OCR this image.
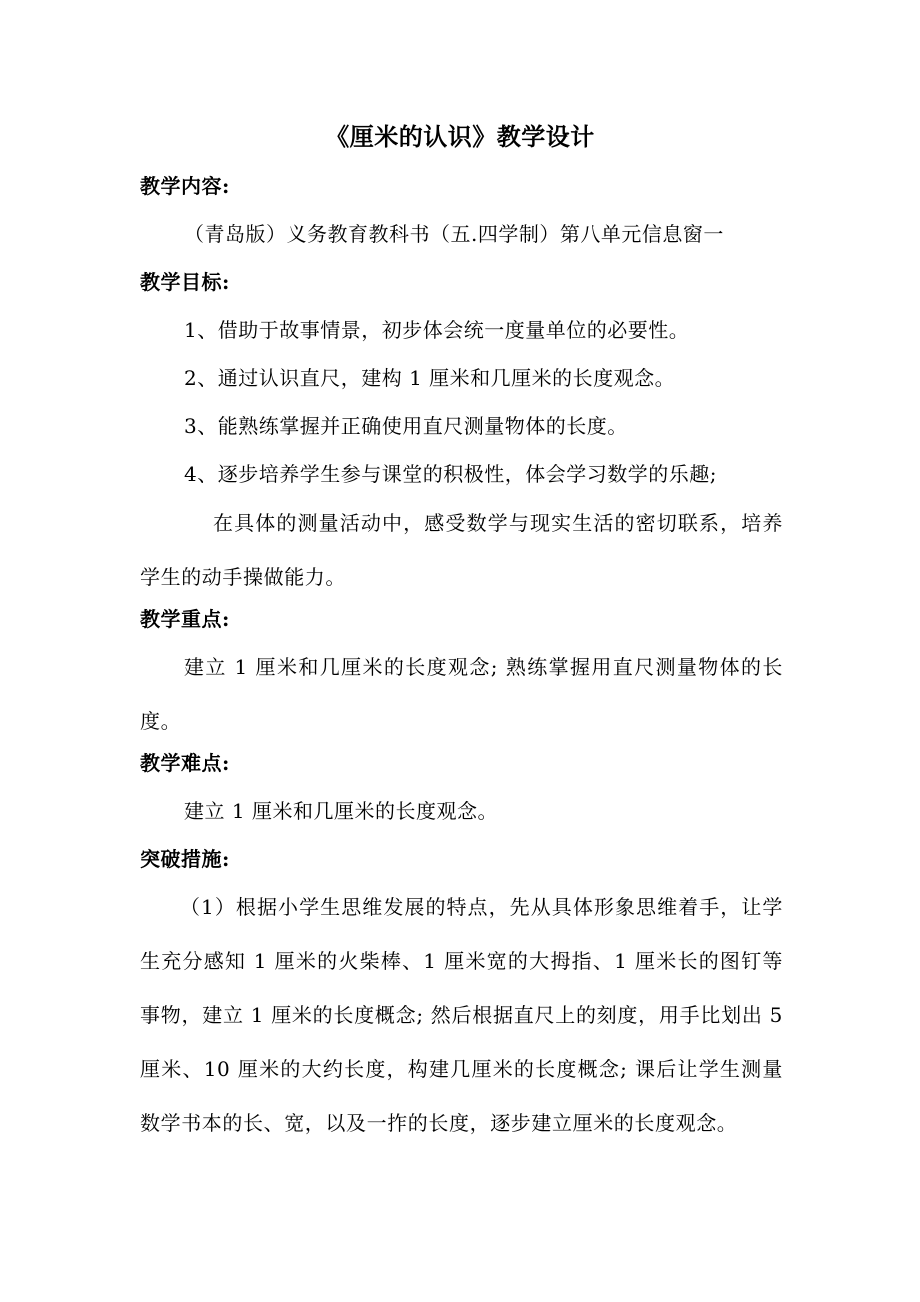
《厘米的认识》教学设计
教学内容:
（青岛版）义务教育教科书（五.四学制）第八单元信息窗一
教学目标:
1、借助于故事情景，初步体会统一度量单位的必要性。
2、通过认识直尺，建构 1 厘米和几厘米的长度观念。
3、能熟练掌握并正确使用直尺测量物体的长度。
4、逐步培养学生参与课堂的积极性，体会学习数学的乐趣;
在具体的测量活动中，感受数学与现实生活的密切联系，培养学生的动手操做能力。
教学重点:
建立 1 厘米和几厘米的长度观念; 熟练掌握用直尺测量物体的长度。
教学难点:
建立 1 厘米和几厘米的长度观念。
突破措施:
（1）根据小学生思维发展的特点，先从具体形象思维着手，让学生充分感知 1 厘米的火柴棒、1 厘米宽的大拇指、1 厘米长的图钉等事物，建立 1 厘米的长度概念; 然后根据直尺上的刻度，用手比划出 5 厘米、10 厘米的大约长度，构建几厘米的长度概念; 课后让学生测量数学书本的长、宽，以及一拃的长度，逐步建立厘米的长度观念。
